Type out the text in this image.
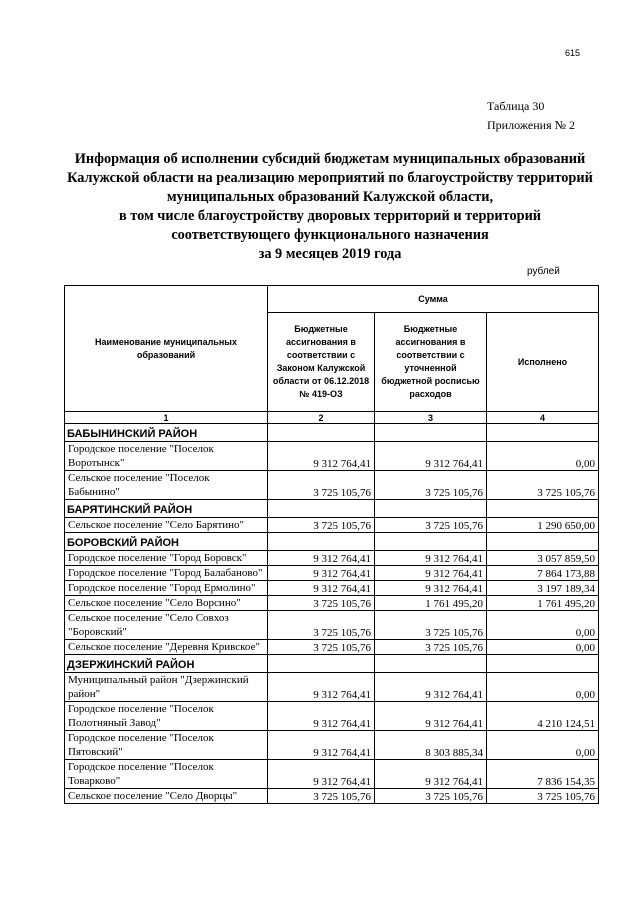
615
Таблица 30
Приложения № 2
Информация об исполнении субсидий бюджетам муниципальных образований
Калужской области на реализацию мероприятий по благоустройству территорий
муниципальных образований Калужской области,
в том числе благоустройству дворовых территорий и территорий
соответствующего функционального назначения
за 9 месяцев 2019 года
рублей
Наименование муниципальных образований	Сумма		
	Бюджетные ассигнования в соответствии с Законом Калужской области от 06.12.2018 № 419-ОЗ	Бюджетные ассигнования в соответствии с уточненной бюджетной росписью расходов	Исполнено
1	2	3	4
БАБЫНИНСКИЙ РАЙОН			
Городское поселение "Поселок Воротынск"	9 312 764,41	9 312 764,41	0,00
Сельское поселение "Поселок Бабынино"	3 725 105,76	3 725 105,76	3 725 105,76
БАРЯТИНСКИЙ РАЙОН			
Сельское поселение "Село Барятино"	3 725 105,76	3 725 105,76	1 290 650,00
БОРОВСКИЙ РАЙОН			
Городское поселение "Город Боровск"	9 312 764,41	9 312 764,41	3 057 859,50
Городское поселение "Город Балабаново"	9 312 764,41	9 312 764,41	7 864 173,88
Городское поселение "Город Ермолино"	9 312 764,41	9 312 764,41	3 197 189,34
Сельское поселение "Село Ворсино"	3 725 105,76	1 761 495,20	1 761 495,20
Сельское поселение "Село Совхоз "Боровский"	3 725 105,76	3 725 105,76	0,00
Сельское поселение "Деревня Кривское"	3 725 105,76	3 725 105,76	0,00
ДЗЕРЖИНСКИЙ РАЙОН			
Муниципальный район "Дзержинский район"	9 312 764,41	9 312 764,41	0,00
Городское поселение "Поселок Полотняный Завод"	9 312 764,41	9 312 764,41	4 210 124,51
Городское поселение "Поселок Пятовский"	9 312 764,41	8 303 885,34	0,00
Городское поселение "Поселок Товарково"	9 312 764,41	9 312 764,41	7 836 154,35
Сельское поселение "Село Дворцы"	3 725 105,76	3 725 105,76	3 725 105,76
